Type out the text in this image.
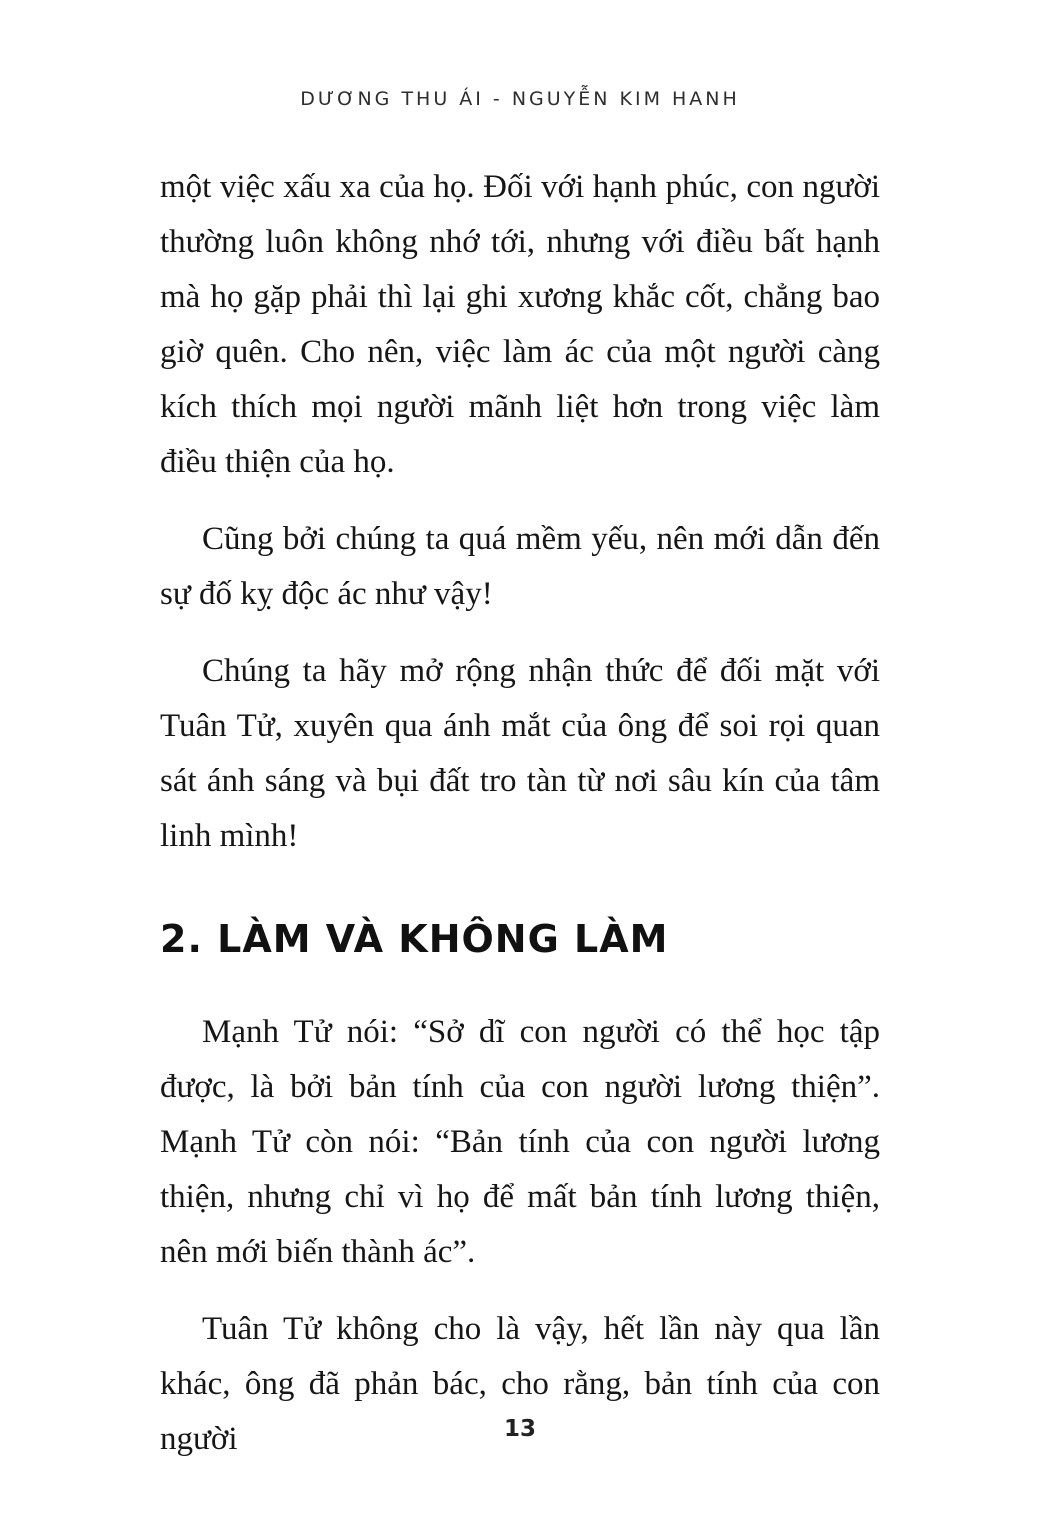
DƯƠNG THU ÁI - NGUYỄN KIM HANH

một việc xấu xa của họ. Đối với hạnh phúc, con người thường luôn không nhớ tới, nhưng với điều bất hạnh mà họ gặp phải thì lại ghi xương khắc cốt, chẳng bao giờ quên. Cho nên, việc làm ác của một người càng kích thích mọi người mãnh liệt hơn trong việc làm điều thiện của họ.

Cũng bởi chúng ta quá mềm yếu, nên mới dẫn đến sự đố kỵ độc ác như vậy!

Chúng ta hãy mở rộng nhận thức để đối mặt với Tuân Tử, xuyên qua ánh mắt của ông để soi rọi quan sát ánh sáng và bụi đất tro tàn từ nơi sâu kín của tâm linh mình!

2. LÀM VÀ KHÔNG LÀM

Mạnh Tử nói: “Sở dĩ con người có thể học tập được, là bởi bản tính của con người lương thiện”. Mạnh Tử còn nói: “Bản tính của con người lương thiện, nhưng chỉ vì họ để mất bản tính lương thiện, nên mới biến thành ác”.

Tuân Tử không cho là vậy, hết lần này qua lần khác, ông đã phản bác, cho rằng, bản tính của con người	13
